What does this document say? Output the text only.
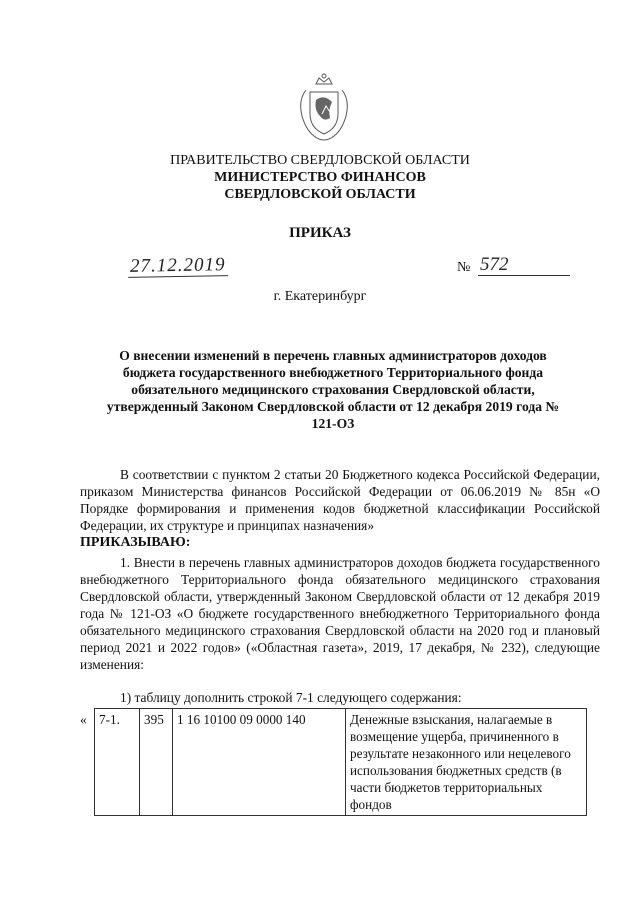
ПРАВИТЕЛЬСТВО СВЕРДЛОВСКОЙ ОБЛАСТИ
МИНИСТЕРСТВО ФИНАНСОВ
СВЕРДЛОВСКОЙ ОБЛАСТИ
ПРИКАЗ
27.12.2019	№ 572
г. Екатеринбург
О внесении изменений в перечень главных администраторов доходов бюджета государственного внебюджетного Территориального фонда обязательного медицинского страхования Свердловской области, утвержденный Законом Свердловской области от 12 декабря 2019 года № 121-ОЗ
В соответствии с пунктом 2 статьи 20 Бюджетного кодекса Российской Федерации, приказом Министерства финансов Российской Федерации от 06.06.2019 № 85н «О Порядке формирования и применения кодов бюджетной классификации Российской Федерации, их структуре и принципах назначения»
ПРИКАЗЫВАЮ:
1. Внести в перечень главных администраторов доходов бюджета государственного внебюджетного Территориального фонда обязательного медицинского страхования Свердловской области, утвержденный Законом Свердловской области от 12 декабря 2019 года № 121-ОЗ «О бюджете государственного внебюджетного Территориального фонда обязательного медицинского страхования Свердловской области на 2020 год и плановый период 2021 и 2022 годов» («Областная газета», 2019, 17 декабря, № 232), следующие изменения:
1) таблицу дополнить строкой 7-1 следующего содержания:
« 7-1.	395	1 16 10100 09 0000 140	Денежные взыскания, налагаемые в возмещение ущерба, причиненного в результате незаконного или нецелевого использования бюджетных средств (в части бюджетов территориальных фондов
